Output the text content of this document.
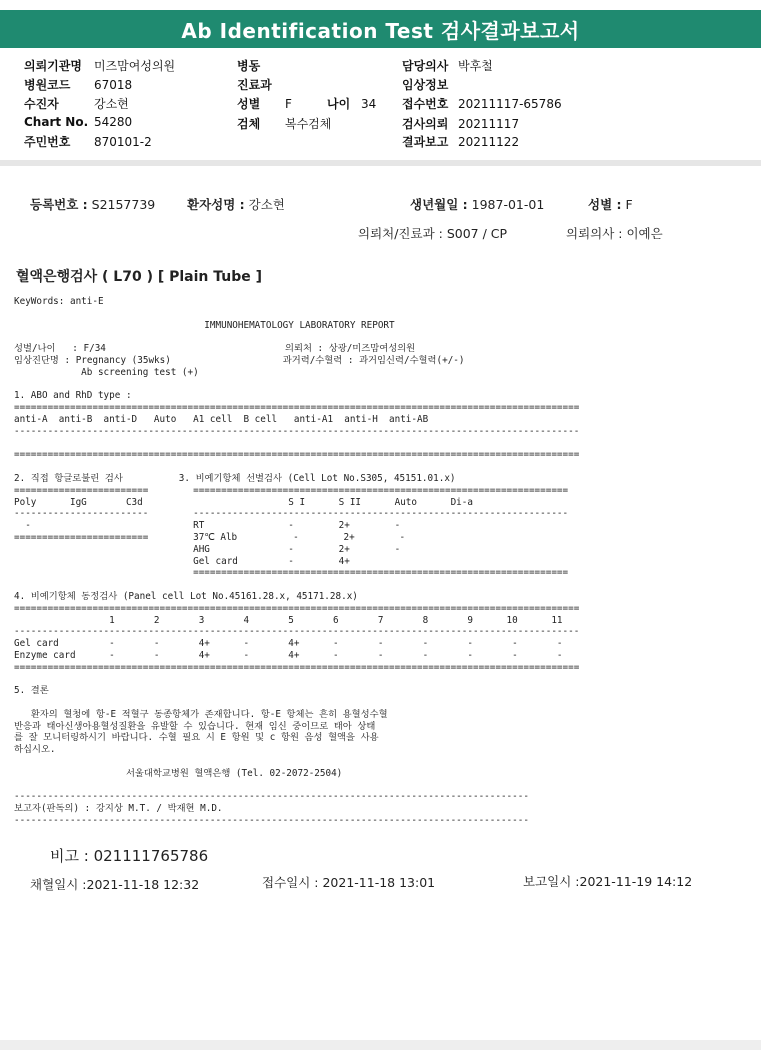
Ab Identification Test 검사결과보고서
의뢰기관명 미즈맘여성의원
병원코드 67018
수진자	강소현
Chart No. 54280
주민번호 870101-2
병동
진료과
성별 F	나이 34
검체 복수검체
담당의사 박후철
임상정보
접수번호 20211117-65786
검사의뢰 20211117
결과보고 20211122
등록번호 : S2157739	환자성명 : 강소현	생년월일 : 1987-01-01	성별 : F
의뢰처/진료과 : S007 / CP	의뢰의사 : 이예은
혈액은행검사 ( L70 ) [ Plain Tube ]
KeyWords: anti-E

IMMUNOHEMATOLOGY LABORATORY REPORT

성별/나이   : F/34                                의뢰처 : 상광/미즈맘여성의원
임상진단명 : Pregnancy (35wks)                    과거력/수혈력 : 과거임신력/수혈력(+/-)
Ab screening test (+)

1. ABO and RhD type :
=====================================================================================================
anti-A  anti-B  anti-D   Auto   A1 cell  B cell   anti-A1  anti-H  anti-AB
-----------------------------------------------------------------------------------------------------

=====================================================================================================

2. 직접 항글로불린 검사          3. 비예기항체 선별검사 (Cell Lot No.S305, 45151.01.x)
========================        ===================================================================
Poly      IgG       C3d                          S I      S II      Auto      Di-a
------------------------        -------------------------------------------------------------------
-                             RT               -        2+        -
========================        37℃ Alb          -        2+        -
AHG              -        2+        -
Gel card         -        4+
===================================================================

4. 비예기항체 동정검사 (Panel cell Lot No.45161.28.x, 45171.28.x)
=====================================================================================================
1       2       3       4       5       6       7       8       9      10      11
-----------------------------------------------------------------------------------------------------
Gel card         -       -       4+      -       4+      -       -       -       -       -       -
Enzyme card      -       -       4+      -       4+      -       -       -       -       -       -
=====================================================================================================

5. 결론

환자의 혈청에 항-E 적혈구 동종항체가 존재합니다. 항-E 항체는 흔히 용혈성수혈
반응과 태아신생아용혈성질환을 유발할 수 있습니다. 현재 임신 중이므로 태아 상태
를 잘 모니터링하시기 바랍니다. 수혈 필요 시 E 항원 및 c 항원 음성 혈액을 사용
하십시오.

서울대학교병원 혈액은행 (Tel. 02-2072-2504)

--------------------------------------------------------------------------------------------
보고자(판독의) : 강지상 M.T. / 박재현 M.D.
--------------------------------------------------------------------------------------------
비고 : 021111765786
채혈일시 :2021-11-18 12:32	접수일시 : 2021-11-18 13:01	보고일시 :2021-11-19 14:12
